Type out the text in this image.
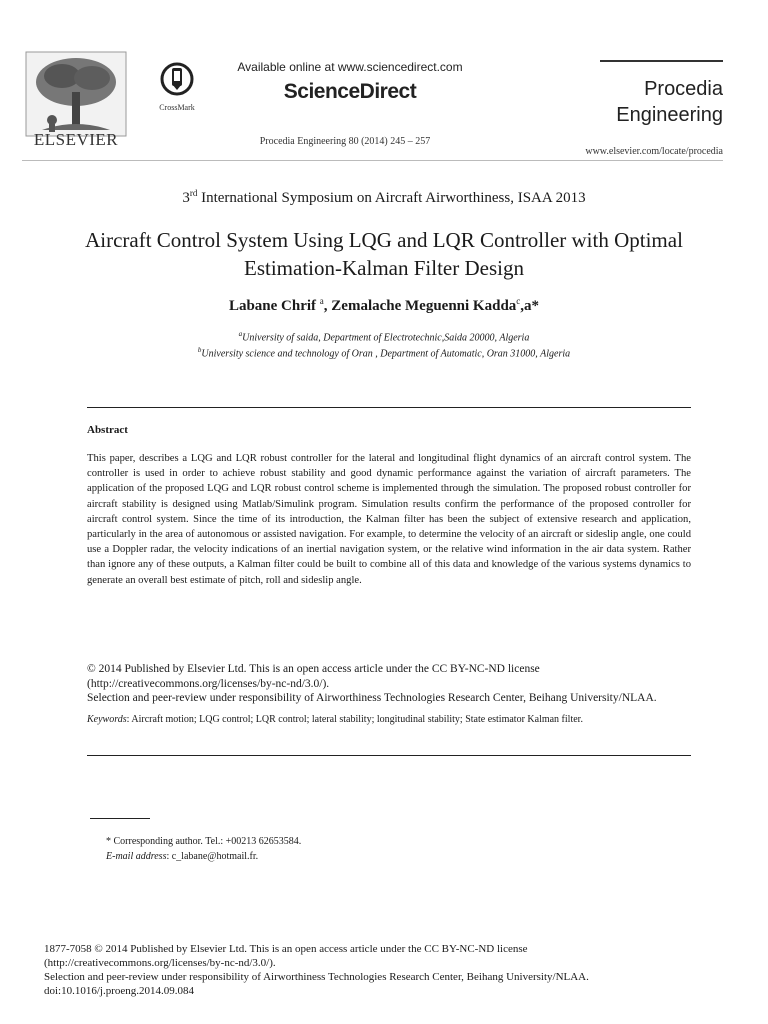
ELSEVIER
CrossMark
Available online at www.sciencedirect.com
ScienceDirect
Procedia Engineering 80 (2014) 245 – 257
Procedia
Engineering
www.elsevier.com/locate/procedia
3rd International Symposium on Aircraft Airworthiness, ISAA 2013
Aircraft Control System Using LQG and LQR Controller with Optimal Estimation-Kalman Filter Design
Labane Chrif $^a$, Zemalache Meguenni Kadda$^c$,a*
$^a$University of saida, Department of Electrotechnic,Saida 20000, Algeria
$^b$University science and technology of Oran , Department of Automatic, Oran 31000, Algeria
Abstract

This paper, describes a LQG and LQR robust controller for the lateral and longitudinal flight dynamics of an aircraft control system. The controller is used in order to achieve robust stability and good dynamic performance against the variation of aircraft parameters. The application of the proposed LQG and LQR robust control scheme is implemented through the simulation. The proposed robust controller for aircraft stability is designed using Matlab/Simulink program. Simulation results confirm the performance of the proposed controller for aircraft control system. Since the time of its introduction, the Kalman filter has been the subject of extensive research and application, particularly in the area of autonomous or assisted navigation. For example, to determine the velocity of an aircraft or sideslip angle, one could use a Doppler radar, the velocity indications of an inertial navigation system, or the relative wind information in the air data system. Rather than ignore any of these outputs, a Kalman filter could be built to combine all of this data and knowledge of the various systems dynamics to generate an overall best estimate of pitch, roll and sideslip angle.

© 2014 Published by Elsevier Ltd. This is an open access article under the CC BY-NC-ND license
(http://creativecommons.org/licenses/by-nc-nd/3.0/).
Selection and peer-review under responsibility of Airworthiness Technologies Research Center, Beihang University/NLAA.
Keywords: Aircraft motion; LQG control; LQR control; lateral stability; longitudinal stability; State estimator Kalman filter.
* Corresponding author. Tel.: +00213 62653584.
E-mail address: c_labane@hotmail.fr.
1877-7058 © 2014 Published by Elsevier Ltd. This is an open access article under the CC BY-NC-ND license
(http://creativecommons.org/licenses/by-nc-nd/3.0/).
Selection and peer-review under responsibility of Airworthiness Technologies Research Center, Beihang University/NLAA.
doi:10.1016/j.proeng.2014.09.084
